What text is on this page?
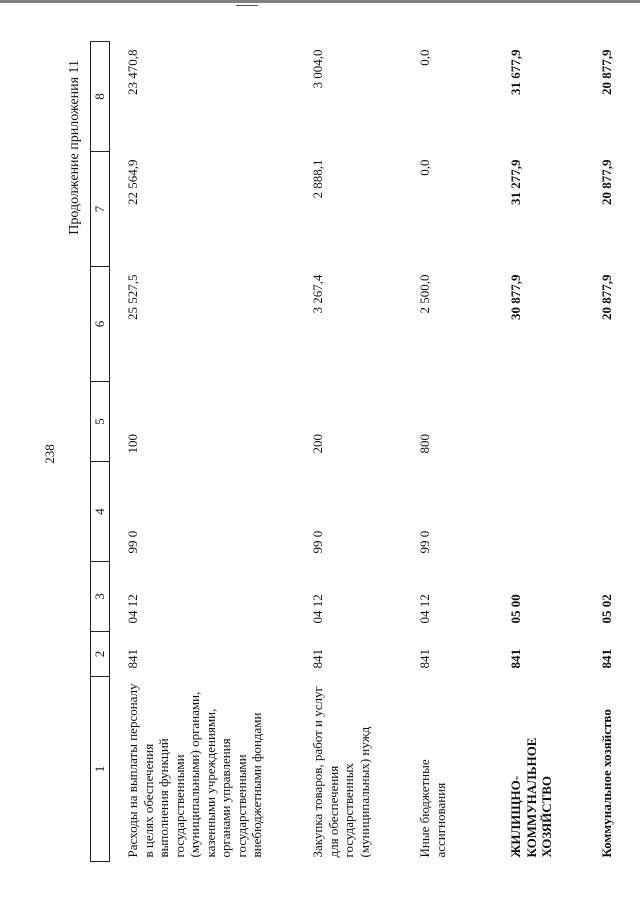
238
Продолжение приложения 11
1	2	3	4	5	6	7	8
Расходы на выплаты персоналу в целях обеспечения выполнения функций государственными (муниципальными) органами, казенными учреждениями, органами управления государственными внебюджетными фондами	841	04 12	99 0	100	25 527,5	22 564,9	23 470,8
Закупка товаров, работ и услуг для обеспечения государственных (муниципальных) нужд	841	04 12	99 0	200	3 267,4	2 888,1	3 004,0
Иные бюджетные ассигнования	841	04 12	99 0	800	2 500,0	0,0	0,0
ЖИЛИЩНО-КОММУНАЛЬНОЕ ХОЗЯЙСТВО	841	05 00			30 877,9	31 277,9	31 677,9
Коммунальное хозяйство	841	05 02			20 877,9	20 877,9	20 877,9
